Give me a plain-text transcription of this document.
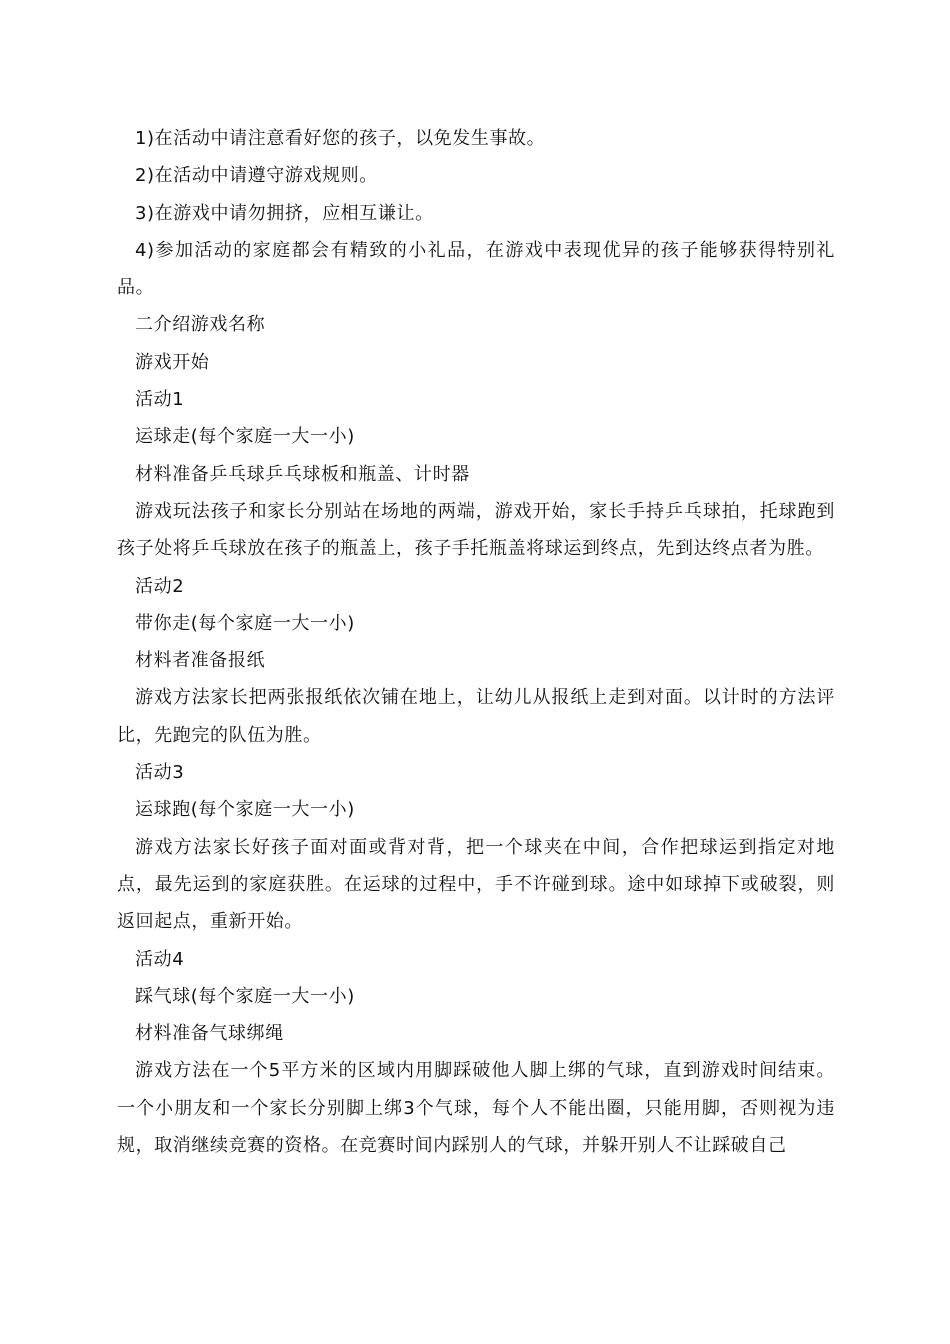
1)在活动中请注意看好您的孩子，以免发生事故。

2)在活动中请遵守游戏规则。

3)在游戏中请勿拥挤，应相互谦让。

4)参加活动的家庭都会有精致的小礼品，在游戏中表现优异的孩子能够获得特别礼品。

二介绍游戏名称

游戏开始

活动1

运球走(每个家庭一大一小)

材料准备乒乓球乒乓球板和瓶盖、计时器

游戏玩法孩子和家长分别站在场地的两端，游戏开始，家长手持乒乓球拍，托球跑到孩子处将乒乓球放在孩子的瓶盖上，孩子手托瓶盖将球运到终点，先到达终点者为胜。

活动2

带你走(每个家庭一大一小)

材料者准备报纸

游戏方法家长把两张报纸依次铺在地上，让幼儿从报纸上走到对面。以计时的方法评比，先跑完的队伍为胜。

活动3

运球跑(每个家庭一大一小)

游戏方法家长好孩子面对面或背对背，把一个球夹在中间，合作把球运到指定对地点，最先运到的家庭获胜。在运球的过程中，手不许碰到球。途中如球掉下或破裂，则返回起点，重新开始。

活动4

踩气球(每个家庭一大一小)

材料准备气球绑绳

游戏方法在一个5平方米的区域内用脚踩破他人脚上绑的气球，直到游戏时间结束。一个小朋友和一个家长分别脚上绑3个气球，每个人不能出圈，只能用脚，否则视为违规，取消继续竞赛的资格。在竞赛时间内踩别人的气球，并躲开别人不让踩破自己
